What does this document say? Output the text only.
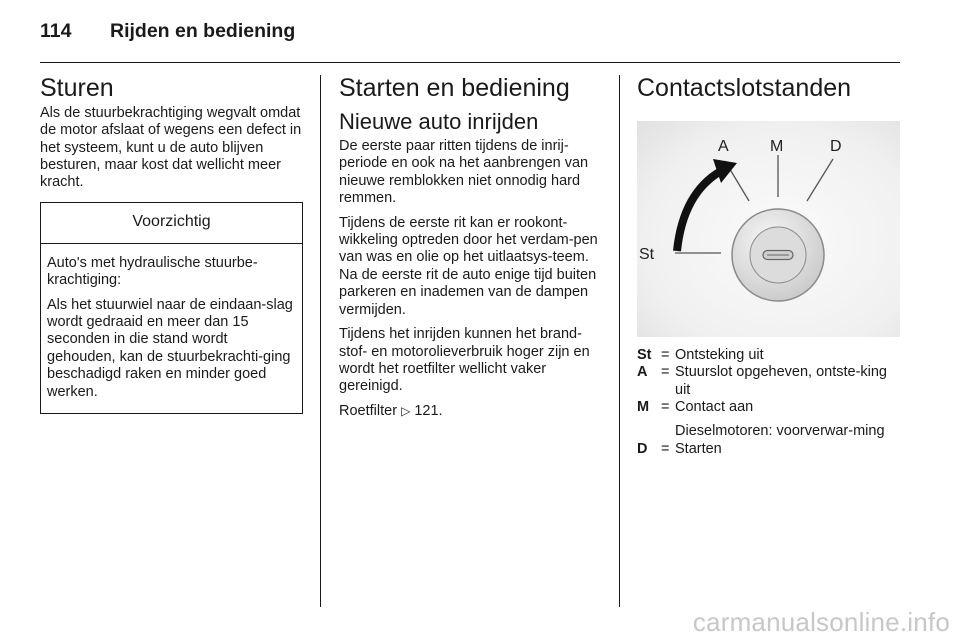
114 Rijden en bediening
Sturen

Als de stuurbekrachtiging wegvalt omdat de motor afslaat of wegens een defect in het systeem, kunt u de auto blijven besturen, maar kost dat wellicht meer kracht.

Voorzichtig

Auto's met hydraulische stuurbe-krachtiging:

Als het stuurwiel naar de eindaan-slag wordt gedraaid en meer dan 15 seconden in die stand wordt gehouden, kan de stuurbekrachti-ging beschadigd raken en minder goed werken.

Starten en bediening
Nieuwe auto inrijden

De eerste paar ritten tijdens de inrij-periode en ook na het aanbrengen van nieuwe remblokken niet onnodig hard remmen.

Tijdens de eerste rit kan er rookont-wikkeling optreden door het verdam-pen van was en olie op het uitlaatsys-teem. Na de eerste rit de auto enige tijd buiten parkeren en inademen van de dampen vermijden.

Tijdens het inrijden kunnen het brand-stof- en motorolieverbruik hoger zijn en wordt het roetfilter wellicht vaker gereinigd.

Roetfilter ▷ 121.

Contactslotstanden
A	M	D
St
St = Ontsteking uit
A = Stuurslot opgeheven, ontste-king uit
M = Contact aan
Dieselmotoren: voorverwar-ming
D = Starten
carmanualsonline.info
